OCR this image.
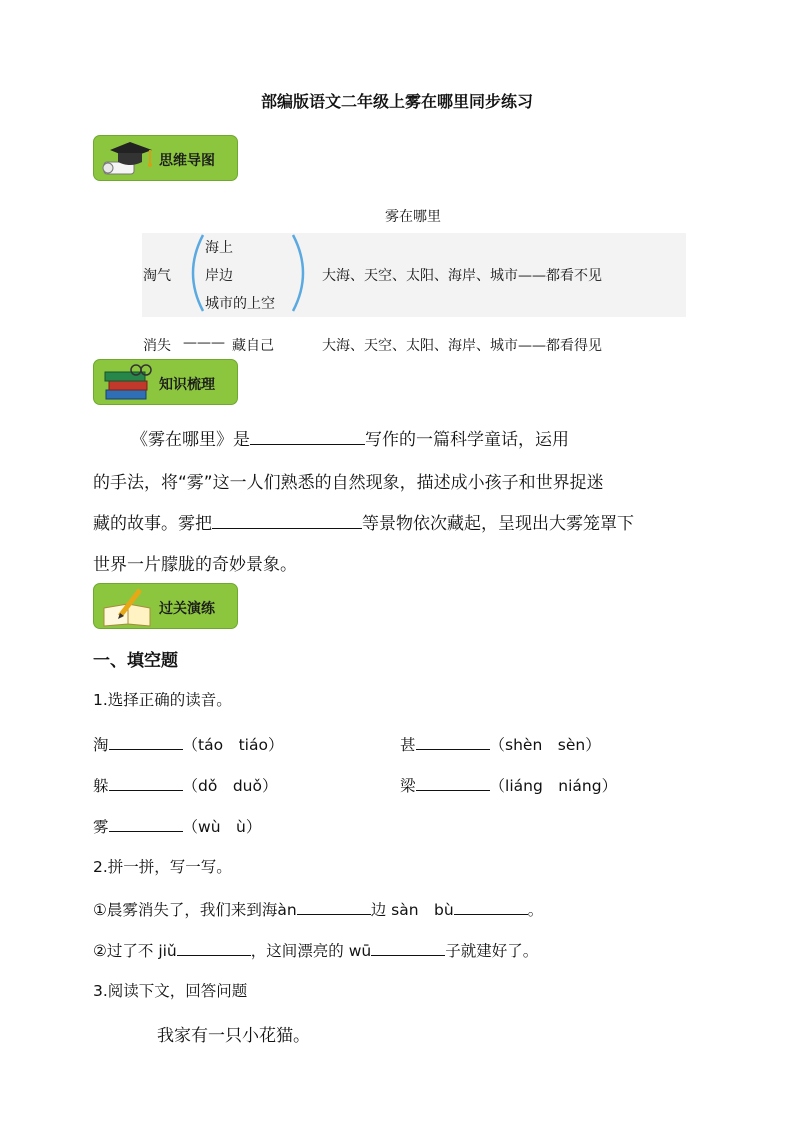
部编版语文二年级上雾在哪里同步练习
思维导图
雾在哪里
淘气
海上
岸边
城市的上空
大海、天空、太阳、海岸、城市——都看不见
消失 ——— 藏自己	大海、天空、太阳、海岸、城市——都看得见
知识梳理
《雾在哪里》是	写作的一篇科学童话，运用
的手法，将“雾”这一人们熟悉的自然现象，描述成小孩子和世界捉迷
藏的故事。雾把	等景物依次藏起，呈现出大雾笼罩下
世界一片朦胧的奇妙景象。
过关演练
一、填空题
1.选择正确的读音。
淘	（táo　tiáo）	甚	（shèn　sèn）
躲	（dǒ　duǒ）	梁	（liáng　niáng）
雾	（wù　ù）
2.拼一拼，写一写。
①晨雾消失了，我们来到海àn	边 sàn　bù	。
②过了不 jiǔ	，这间漂亮的 wū	子就建好了。
3.阅读下文，回答问题
我家有一只小花猫。
